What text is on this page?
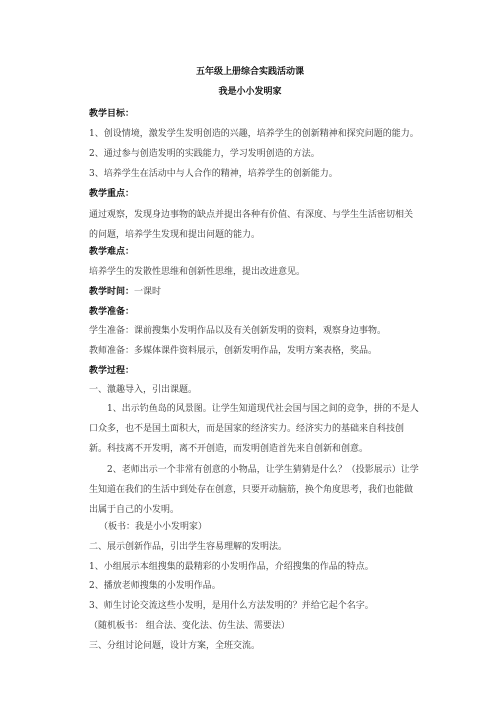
五年级上册综合实践活动课
我是小小发明家
教学目标：
1、创设情境，激发学生发明创造的兴趣，培养学生的创新精神和探究问题的能力。
2、通过参与创造发明的实践能力，学习发明创造的方法。
3、培养学生在活动中与人合作的精神，培养学生的创新能力。
教学重点：
通过观察，发现身边事物的缺点并提出各种有价值、有深度、与学生生活密切相关的问题，培养学生发现和提出问题的能力。
教学难点：
培养学生的发散性思维和创新性思维，提出改进意见。
教学时间：一课时
教学准备：
学生准备：课前搜集小发明作品以及有关创新发明的资料，观察身边事物。
教师准备：多媒体课件资料展示，创新发明作品，发明方案表格，奖品。
教学过程：
一、激趣导入，引出课题。
1、出示钓鱼岛的风景图。让学生知道现代社会国与国之间的竞争，拼的不是人口众多，也不是国土面积大，而是国家的经济实力。经济实力的基础来自科技创新。科技离不开发明，离不开创造，而发明创造首先来自创新和创意。
2、老师出示一个非常有创意的小物品，让学生猜猜是什么？（投影展示）让学生知道在我们的生活中到处存在创意，只要开动脑筋，换个角度思考，我们也能做出属于自己的小发明。
（板书：我是小小发明家）
二、展示创新作品，引出学生容易理解的发明法。
1、小组展示本组搜集的最精彩的小发明作品，介绍搜集的作品的特点。
2、播放老师搜集的小发明作品。
3、师生讨论交流这些小发明，是用什么方法发明的？并给它起个名字。
（随机板书： 组合法、变化法、仿生法、需要法）
三、分组讨论问题，设计方案，全班交流。
